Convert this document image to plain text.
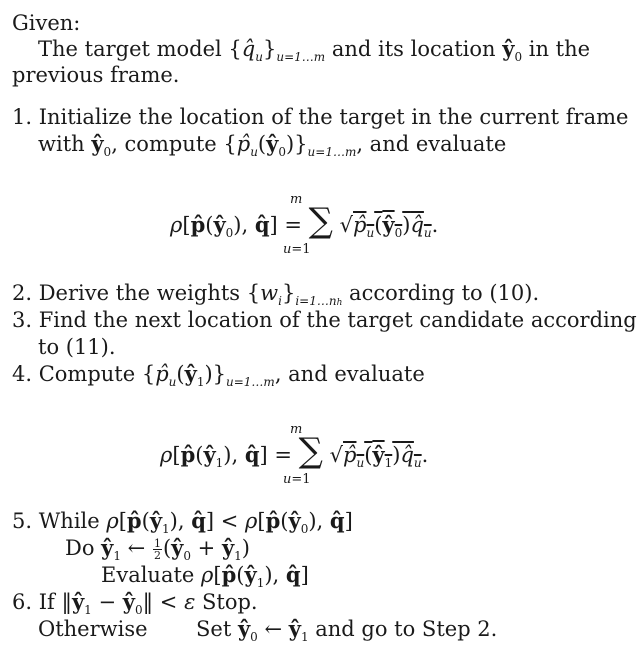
Given:
The target model $\{q̂_u\}_{u=1\dots m}$ and its location $ŷ_0$ in the
previous frame.
1. Initialize the location of the target in the current frame
with $ŷ_0$, compute $\{p̂_u(ŷ_0)\}_{u=1\dots m}$, and evaluate
m
$\rho[p̂(ŷ_0)$, q̂] = ∑ $√p̂_u(ŷ_0)q̂_u$.
u=1
2. Derive the weights $\{w_i\}_{i=1\dots nh}$ according to (10).
3. Find the next location of the target candidate according
to (11).
4. Compute $\{p̂_u(ŷ_1)\}_{u=1\dots m}$, and evaluate
m
$\rho[p̂(ŷ_1)$, q̂] = ∑ $√p̂_u(ŷ_1)q̂_u$.
u=1
5. While $\rho[p̂(ŷ_1)$, q̂] < $\rho[p̂(ŷ_0)$, q̂]
Do $ŷ_1$ ← $\frac{1}{2}$ ($ŷ_0$ + $ŷ_1$)
Evaluate $\rho[p̂(ŷ_1)$, q̂]
6. If $‖ŷ_1$ − $ŷ_0‖ < \varepsilon$ Stop.
Otherwise Set $ŷ_0$ ← $ŷ_1$ and go to Step 2.
